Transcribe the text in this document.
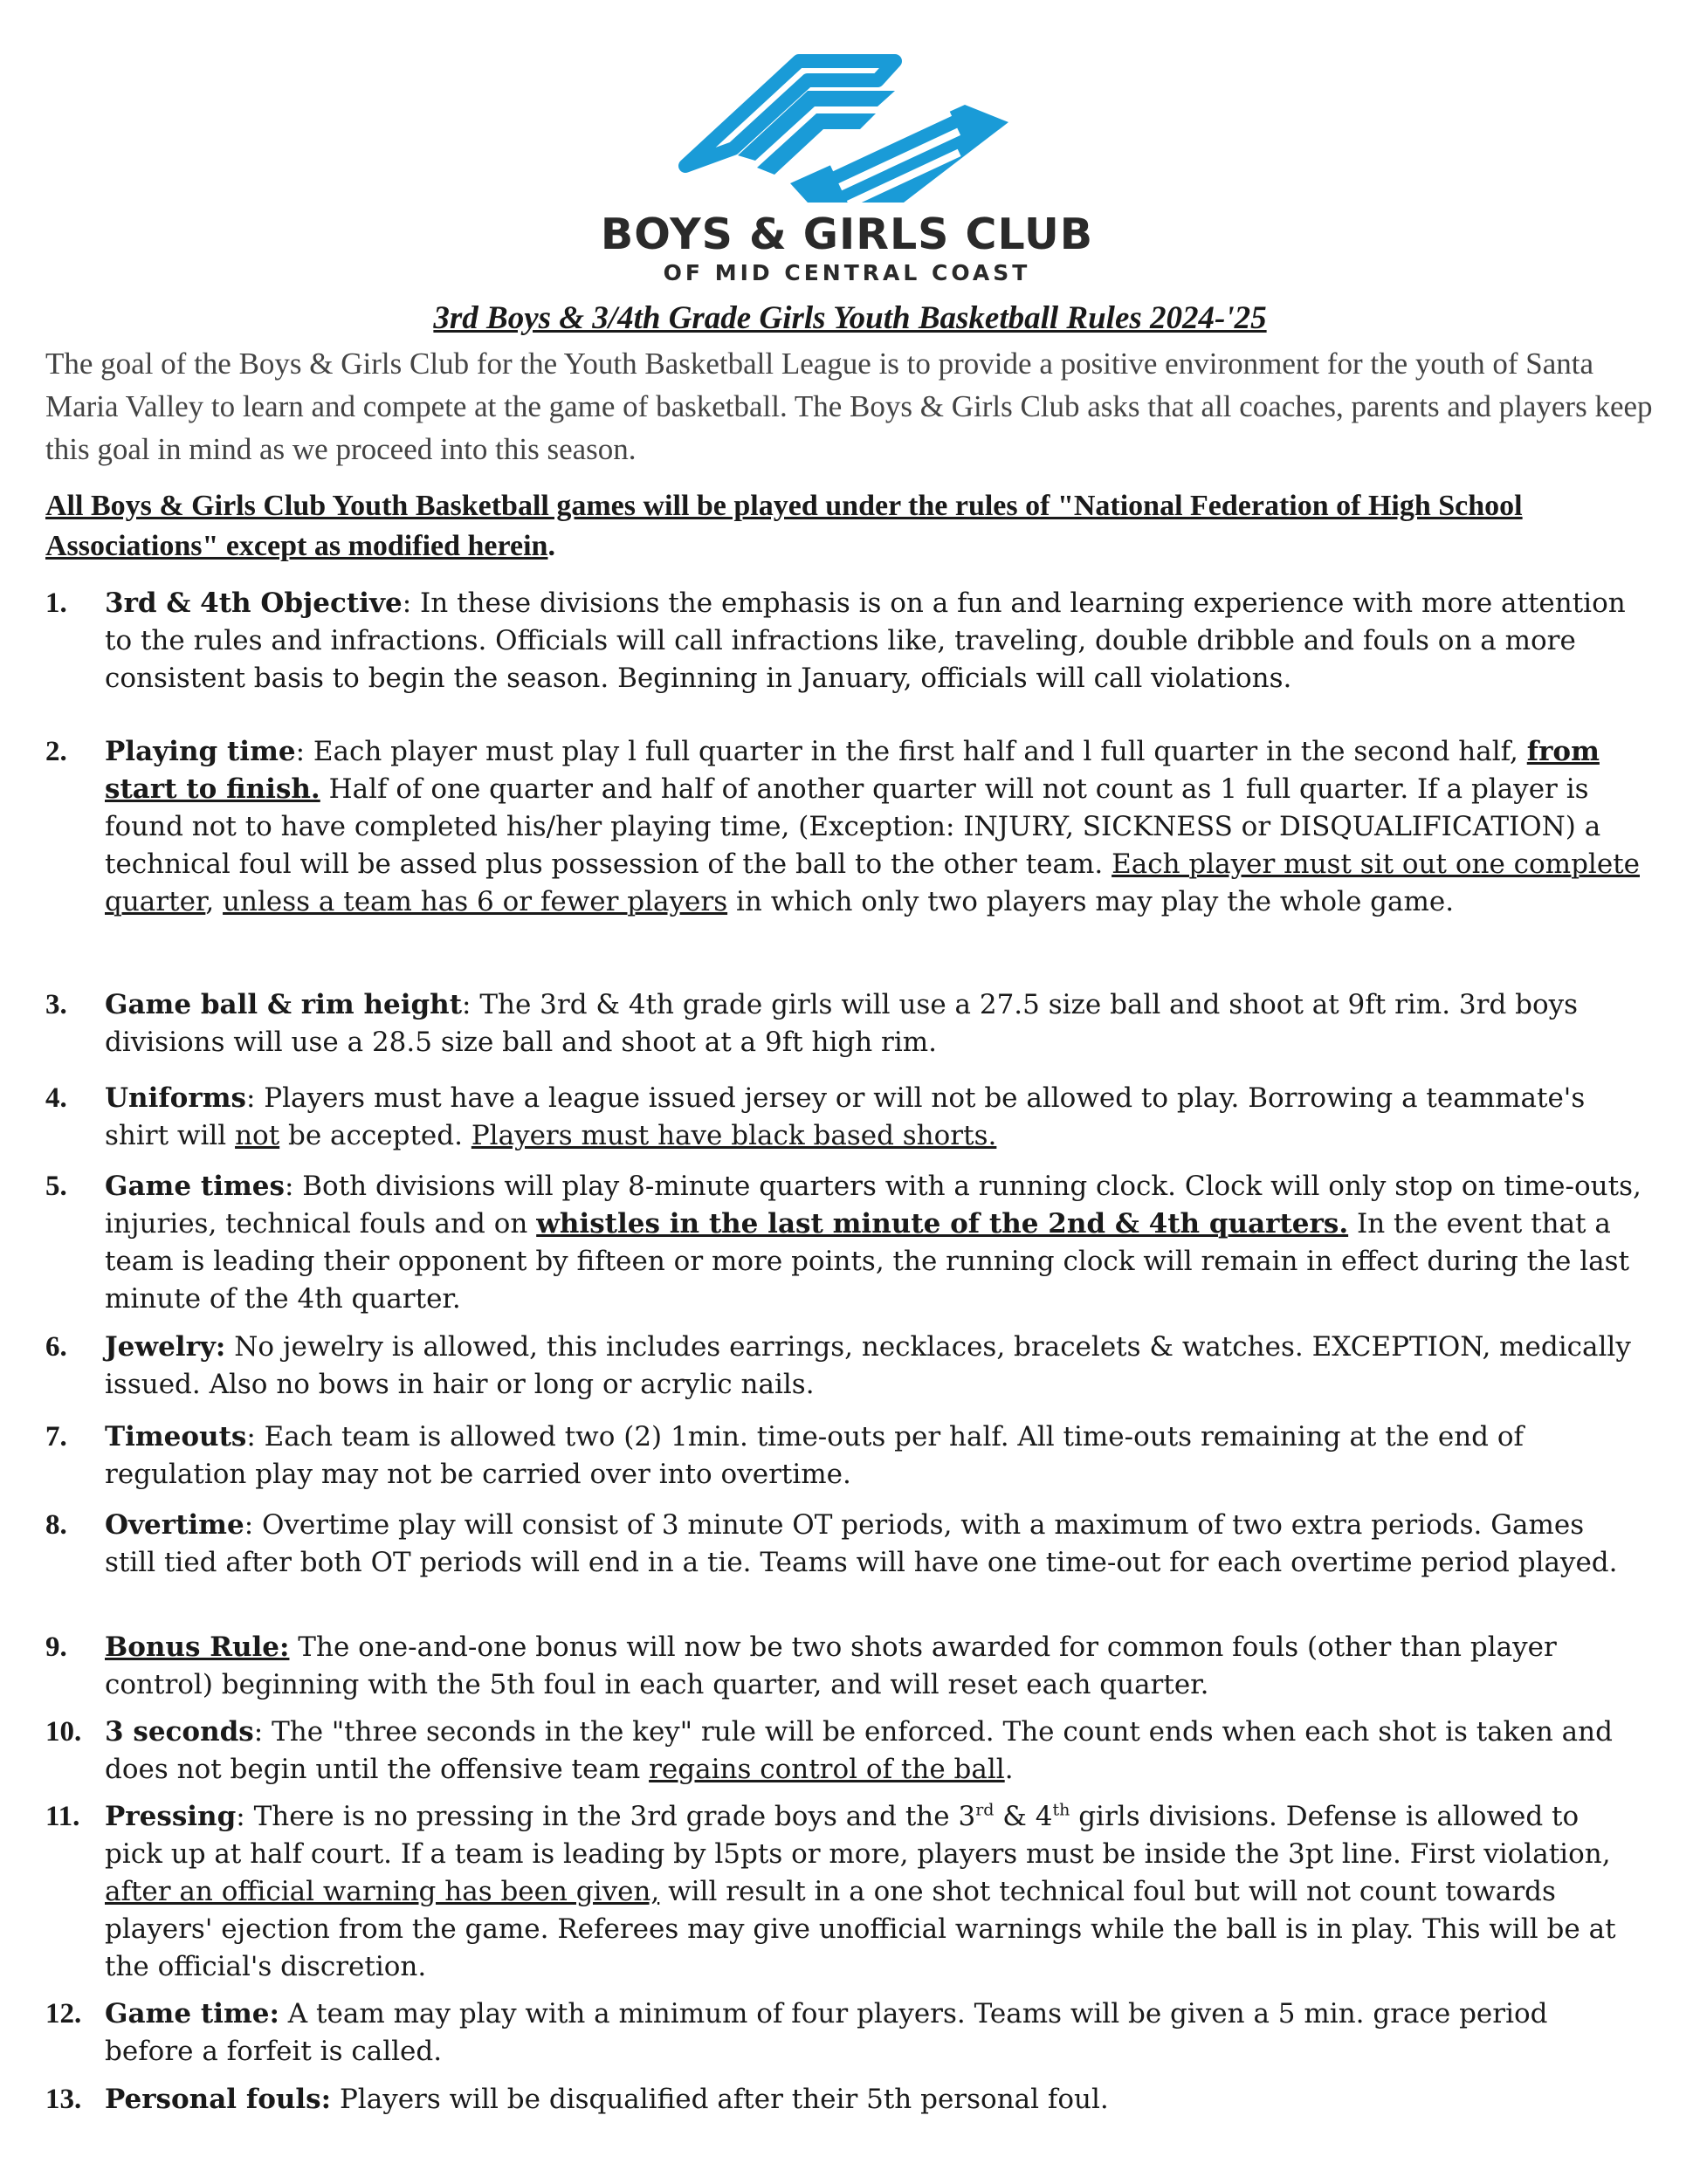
BOYS & GIRLS CLUB
OF MID CENTRAL COAST
3rd Boys & 3/4th Grade Girls Youth Basketball Rules 2024-'25
The goal of the Boys & Girls Club for the Youth Basketball League is to provide a positive environment for the youth of Santa Maria Valley to learn and compete at the game of basketball. The Boys & Girls Club asks that all coaches, parents and players keep this goal in mind as we proceed into this season.
All Boys & Girls Club Youth Basketball games will be played under the rules of "National Federation of High School Associations" except as modified herein.
1. 3rd & 4th Objective: In these divisions the emphasis is on a fun and learning experience with more attention to the rules and infractions. Officials will call infractions like, traveling, double dribble and fouls on a more consistent basis to begin the season. Beginning in January, officials will call violations.
2. Playing time: Each player must play l full quarter in the first half and l full quarter in the second half, from start to finish. Half of one quarter and half of another quarter will not count as 1 full quarter. If a player is found not to have completed his/her playing time, (Exception: INJURY, SICKNESS or DISQUALIFICATION) a technical foul will be assed plus possession of the ball to the other team. Each player must sit out one complete quarter, unless a team has 6 or fewer players in which only two players may play the whole game.
3. Game ball & rim height: The 3rd & 4th grade girls will use a 27.5 size ball and shoot at 9ft rim. 3rd boys divisions will use a 28.5 size ball and shoot at a 9ft high rim.
4. Uniforms: Players must have a league issued jersey or will not be allowed to play. Borrowing a teammate's shirt will not be accepted. Players must have black based shorts.
5. Game times: Both divisions will play 8-minute quarters with a running clock. Clock will only stop on time-outs, injuries, technical fouls and on whistles in the last minute of the 2nd & 4th quarters. In the event that a team is leading their opponent by fifteen or more points, the running clock will remain in effect during the last minute of the 4th quarter.
6. Jewelry: No jewelry is allowed, this includes earrings, necklaces, bracelets & watches. EXCEPTION, medically issued. Also no bows in hair or long or acrylic nails.
7. Timeouts: Each team is allowed two (2) 1min. time-outs per half. All time-outs remaining at the end of regulation play may not be carried over into overtime.
8. Overtime: Overtime play will consist of 3 minute OT periods, with a maximum of two extra periods. Games still tied after both OT periods will end in a tie. Teams will have one time-out for each overtime period played.
9. Bonus Rule: The one-and-one bonus will now be two shots awarded for common fouls (other than player control) beginning with the 5th foul in each quarter, and will reset each quarter.
10. 3 seconds: The "three seconds in the key" rule will be enforced. The count ends when each shot is taken and does not begin until the offensive team regains control of the ball.
11. Pressing: There is no pressing in the 3rd grade boys and the 3rd & 4th girls divisions. Defense is allowed to pick up at half court. If a team is leading by l5pts or more, players must be inside the 3pt line. First violation, after an official warning has been given, will result in a one shot technical foul but will not count towards players' ejection from the game. Referees may give unofficial warnings while the ball is in play. This will be at the official's discretion.
12. Game time: A team may play with a minimum of four players. Teams will be given a 5 min. grace period before a forfeit is called.
13. Personal fouls: Players will be disqualified after their 5th personal foul.
